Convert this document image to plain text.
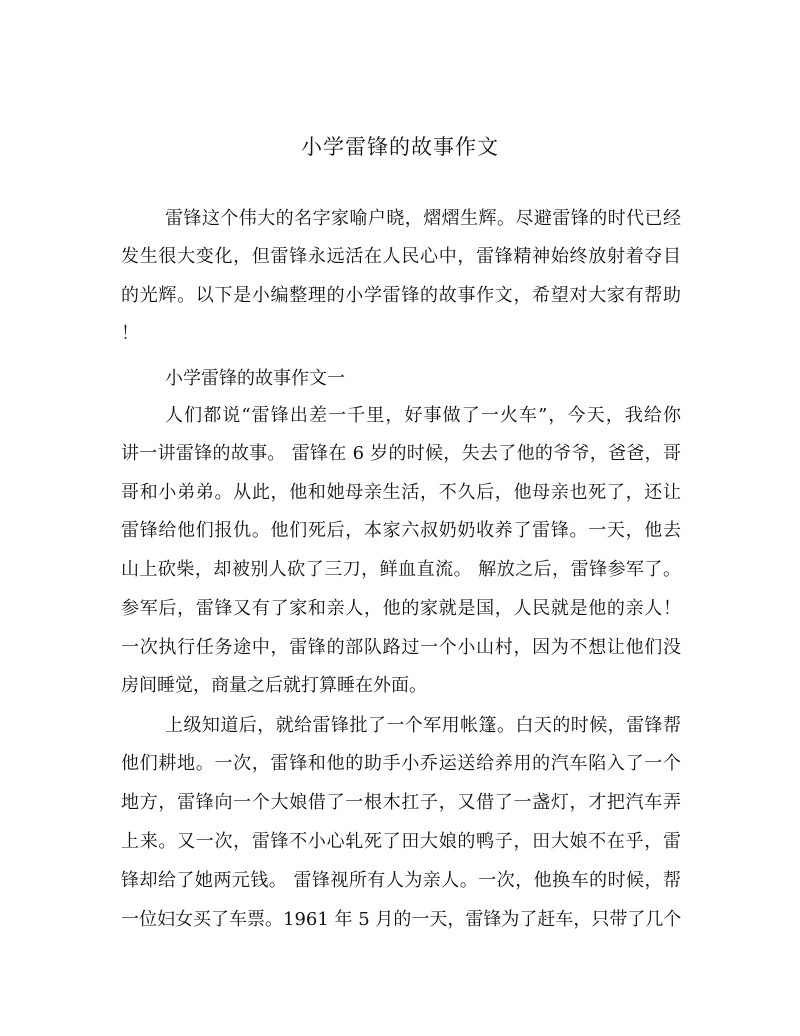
小学雷锋的故事作文
雷锋这个伟大的名字家喻户晓，熠熠生辉。尽避雷锋的时代已经
发生很大变化，但雷锋永远活在人民心中，雷锋精神始终放射着夺目
的光辉。以下是小编整理的小学雷锋的故事作文，希望对大家有帮助
！
小学雷锋的故事作文一
人们都说“雷锋出差一千里，好事做了一火车”，今天，我给你
讲一讲雷锋的故事。 雷锋在 6 岁的时候，失去了他的爷爷，爸爸，哥
哥和小弟弟。从此，他和她母亲生活，不久后，他母亲也死了，还让
雷锋给他们报仇。他们死后，本家六叔奶奶收养了雷锋。一天，他去
山上砍柴，却被别人砍了三刀，鲜血直流。 解放之后，雷锋参军了。
参军后，雷锋又有了家和亲人，他的家就是国，人民就是他的亲人！
一次执行任务途中，雷锋的部队路过一个小山村，因为不想让他们没
房间睡觉，商量之后就打算睡在外面。
上级知道后，就给雷锋批了一个军用帐篷。白天的时候，雷锋帮
他们耕地。一次，雷锋和他的助手小乔运送给养用的汽车陷入了一个
地方，雷锋向一个大娘借了一根木扛子，又借了一盏灯，才把汽车弄
上来。又一次，雷锋不小心轧死了田大娘的鸭子，田大娘不在乎，雷
锋却给了她两元钱。 雷锋视所有人为亲人。一次，他换车的时候，帮
一位妇女买了车票。1961 年 5 月的一天，雷锋为了赶车，只带了几个
